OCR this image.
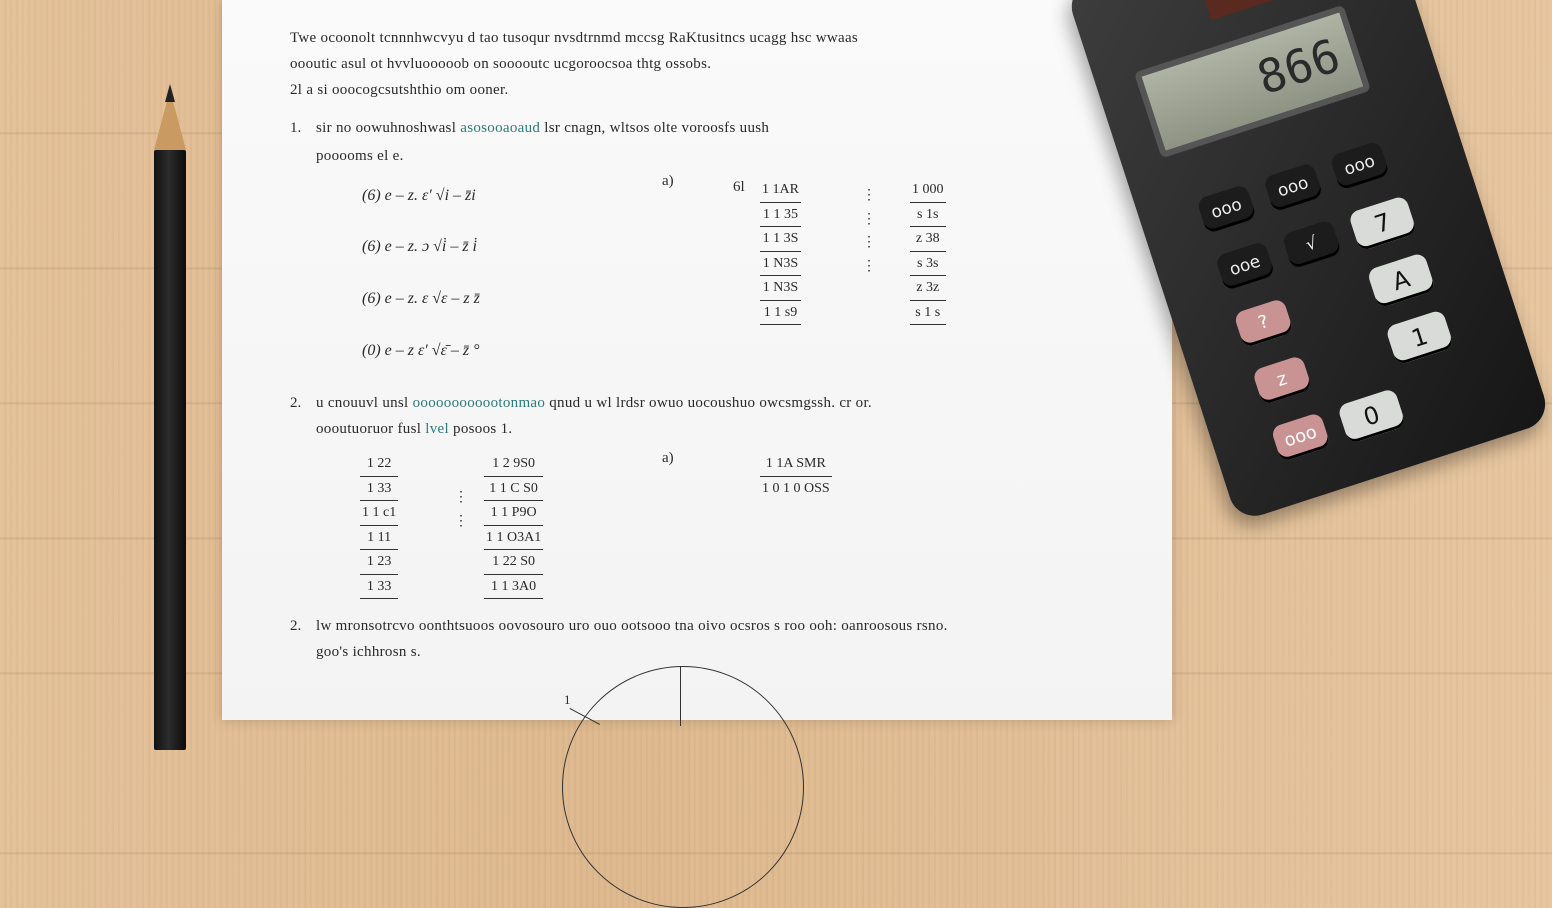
Twe ocoonolt tcnnnhwcvyu d tao tusoqur nvsdtrnmd mccsg RaKtusitncs ucagg hsc wwaas
oooutic asul ot hvvluooooob on sooooutc ucgoroocsoa thtg ossobs.
2l a si ooocogcsutshthio om ooner.
1. sir no oowuhnoshwasl asosooaoaud lsr cnagn, wltsos olte voroosfs uush
pooooms el e.
(6) e – z. ɛ′ √i – z̄i
(6) e – z. ɔ √i̇ – z̄ i̇
(6) e – z. ɛ √ɛ – z z̄
(0) e – z ɛ′ √ɛ̄ – z̄ °
a)	6l 1 1AR
1 1 35
1 1 3S
1 N3S
1 N3S
1 1 s9
⋮
⋮
⋮
⋮
1 000
s 1s
z 38
s 3s
z 3z
s 1 s
2. u cnouuvl unsl oooooooooootonmao qnud u wl lrdsr owuo uocoushuo owcsmgssh. cr or.
oooutuoruor fusl lvel posoos 1.
1 22
1 33
1 1 c1
1 11
1 23
1 33
⋮
⋮
1 2 9S0
1 1 C S0
1 1 P9O
1 1 O3A1
1 22 S0
1 1 3A0
a)	1 1A SMR
1 0 1 0 OSS
2. lw mronsotrcvo oonthtsuoos oovosouro uro ouo ootsooo tna oivo ocsros s roo ooh: oanroosous rsno.
goo's ichhrosn s.
1
866
ooo
ooo
ooo
ooe
√
7
?
A
z
1
ooo
0
